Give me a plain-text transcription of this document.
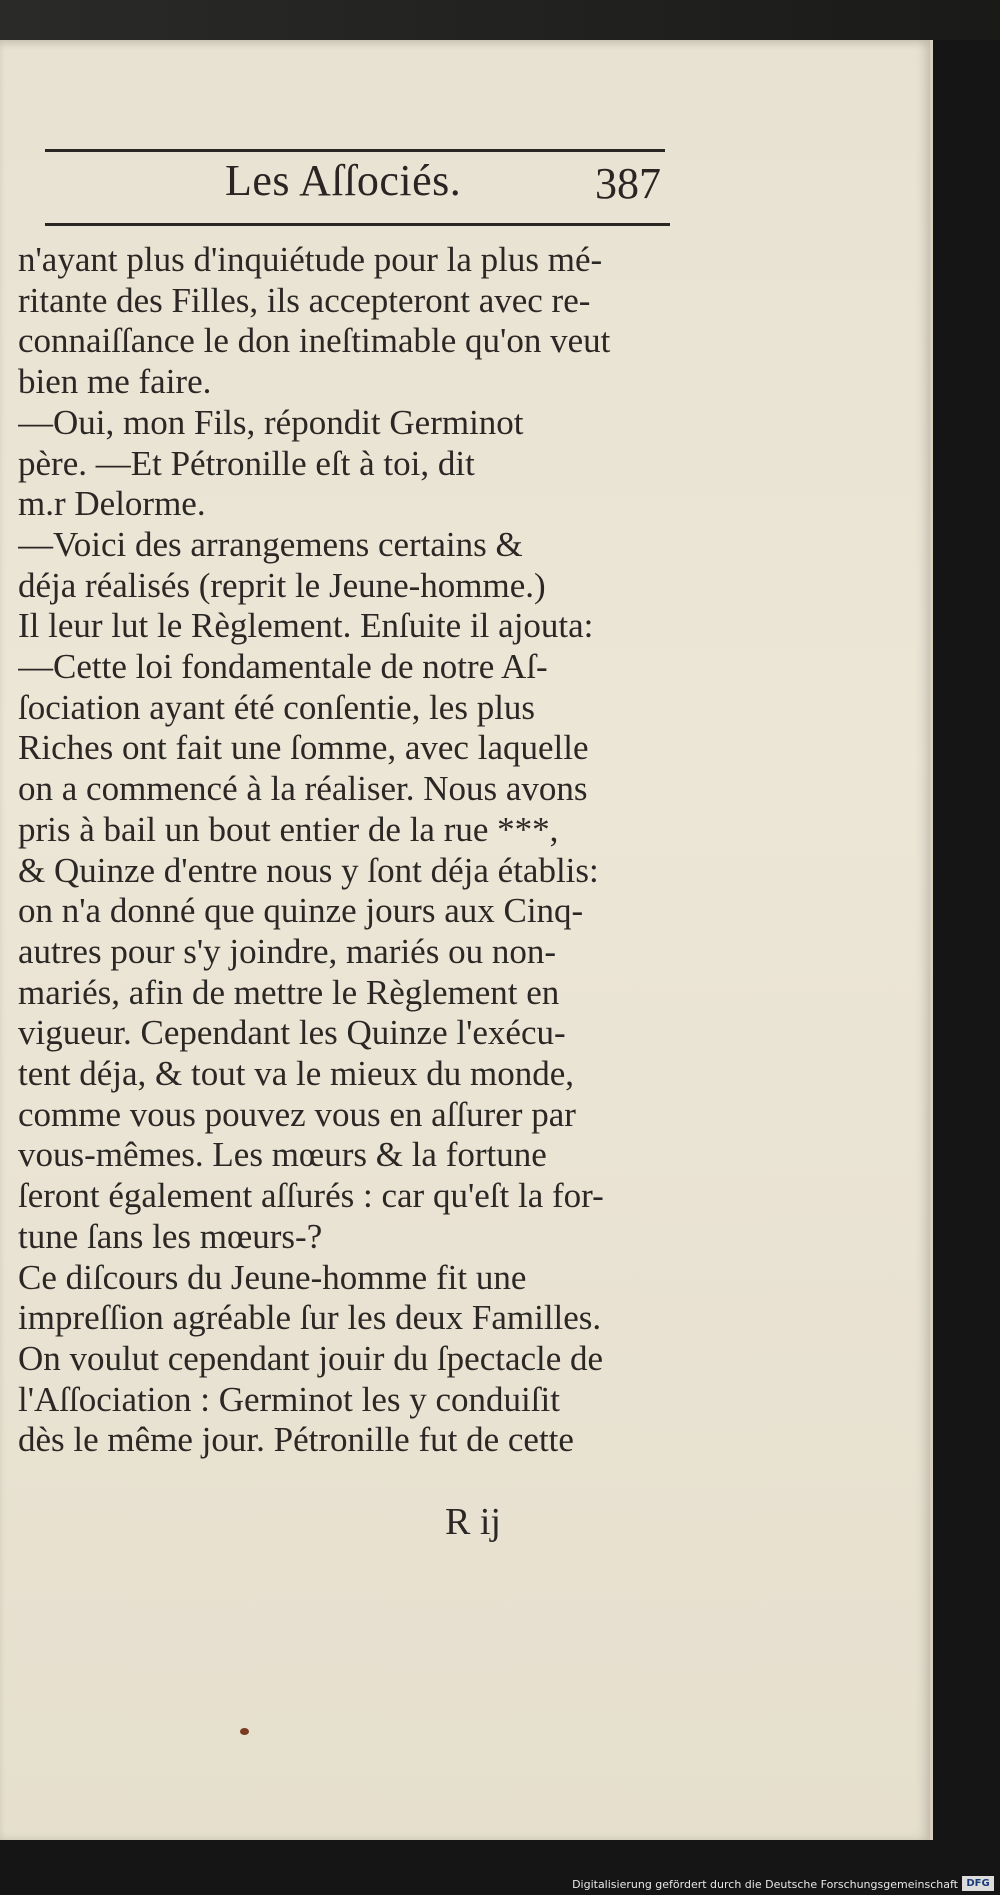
Les Aſſociés.	387
n'ayant plus d'inquiétude pour la plus mé-
ritante des Filles, ils accepteront avec re-
connaiſſance le don ineſtimable qu'on veut
bien me faire.
—Oui, mon Fils, répondit Germinot
père. —Et Pétronille eſt à toi, dit
m.r Delorme.
—Voici des arrangemens certains &
déja réalisés (reprit le Jeune-homme.)
Il leur lut le Règlement. Enſuite il ajouta:
—Cette loi fondamentale de notre Aſ-
ſociation ayant été conſentie, les plus
Riches ont fait une ſomme, avec laquelle
on a commencé à la réaliser. Nous avons
pris à bail un bout entier de la rue ***,
& Quinze d'entre nous y ſont déja établis:
on n'a donné que quinze jours aux Cinq-
autres pour s'y joindre, mariés ou non-
mariés, afin de mettre le Règlement en
vigueur. Cependant les Quinze l'exécu-
tent déja, & tout va le mieux du monde,
comme vous pouvez vous en aſſurer par
vous-mêmes. Les mœurs & la fortune
ſeront également aſſurés : car qu'eſt la for-
tune ſans les mœurs-?
Ce diſcours du Jeune-homme fit une
impreſſion agréable ſur les deux Familles.
On voulut cependant jouir du ſpectacle de
l'Aſſociation : Germinot les y conduiſit
dès le même jour. Pétronille fut de cette
R ij
Digitalisierung gefördert durch die Deutsche Forschungsgemeinschaft DFG
